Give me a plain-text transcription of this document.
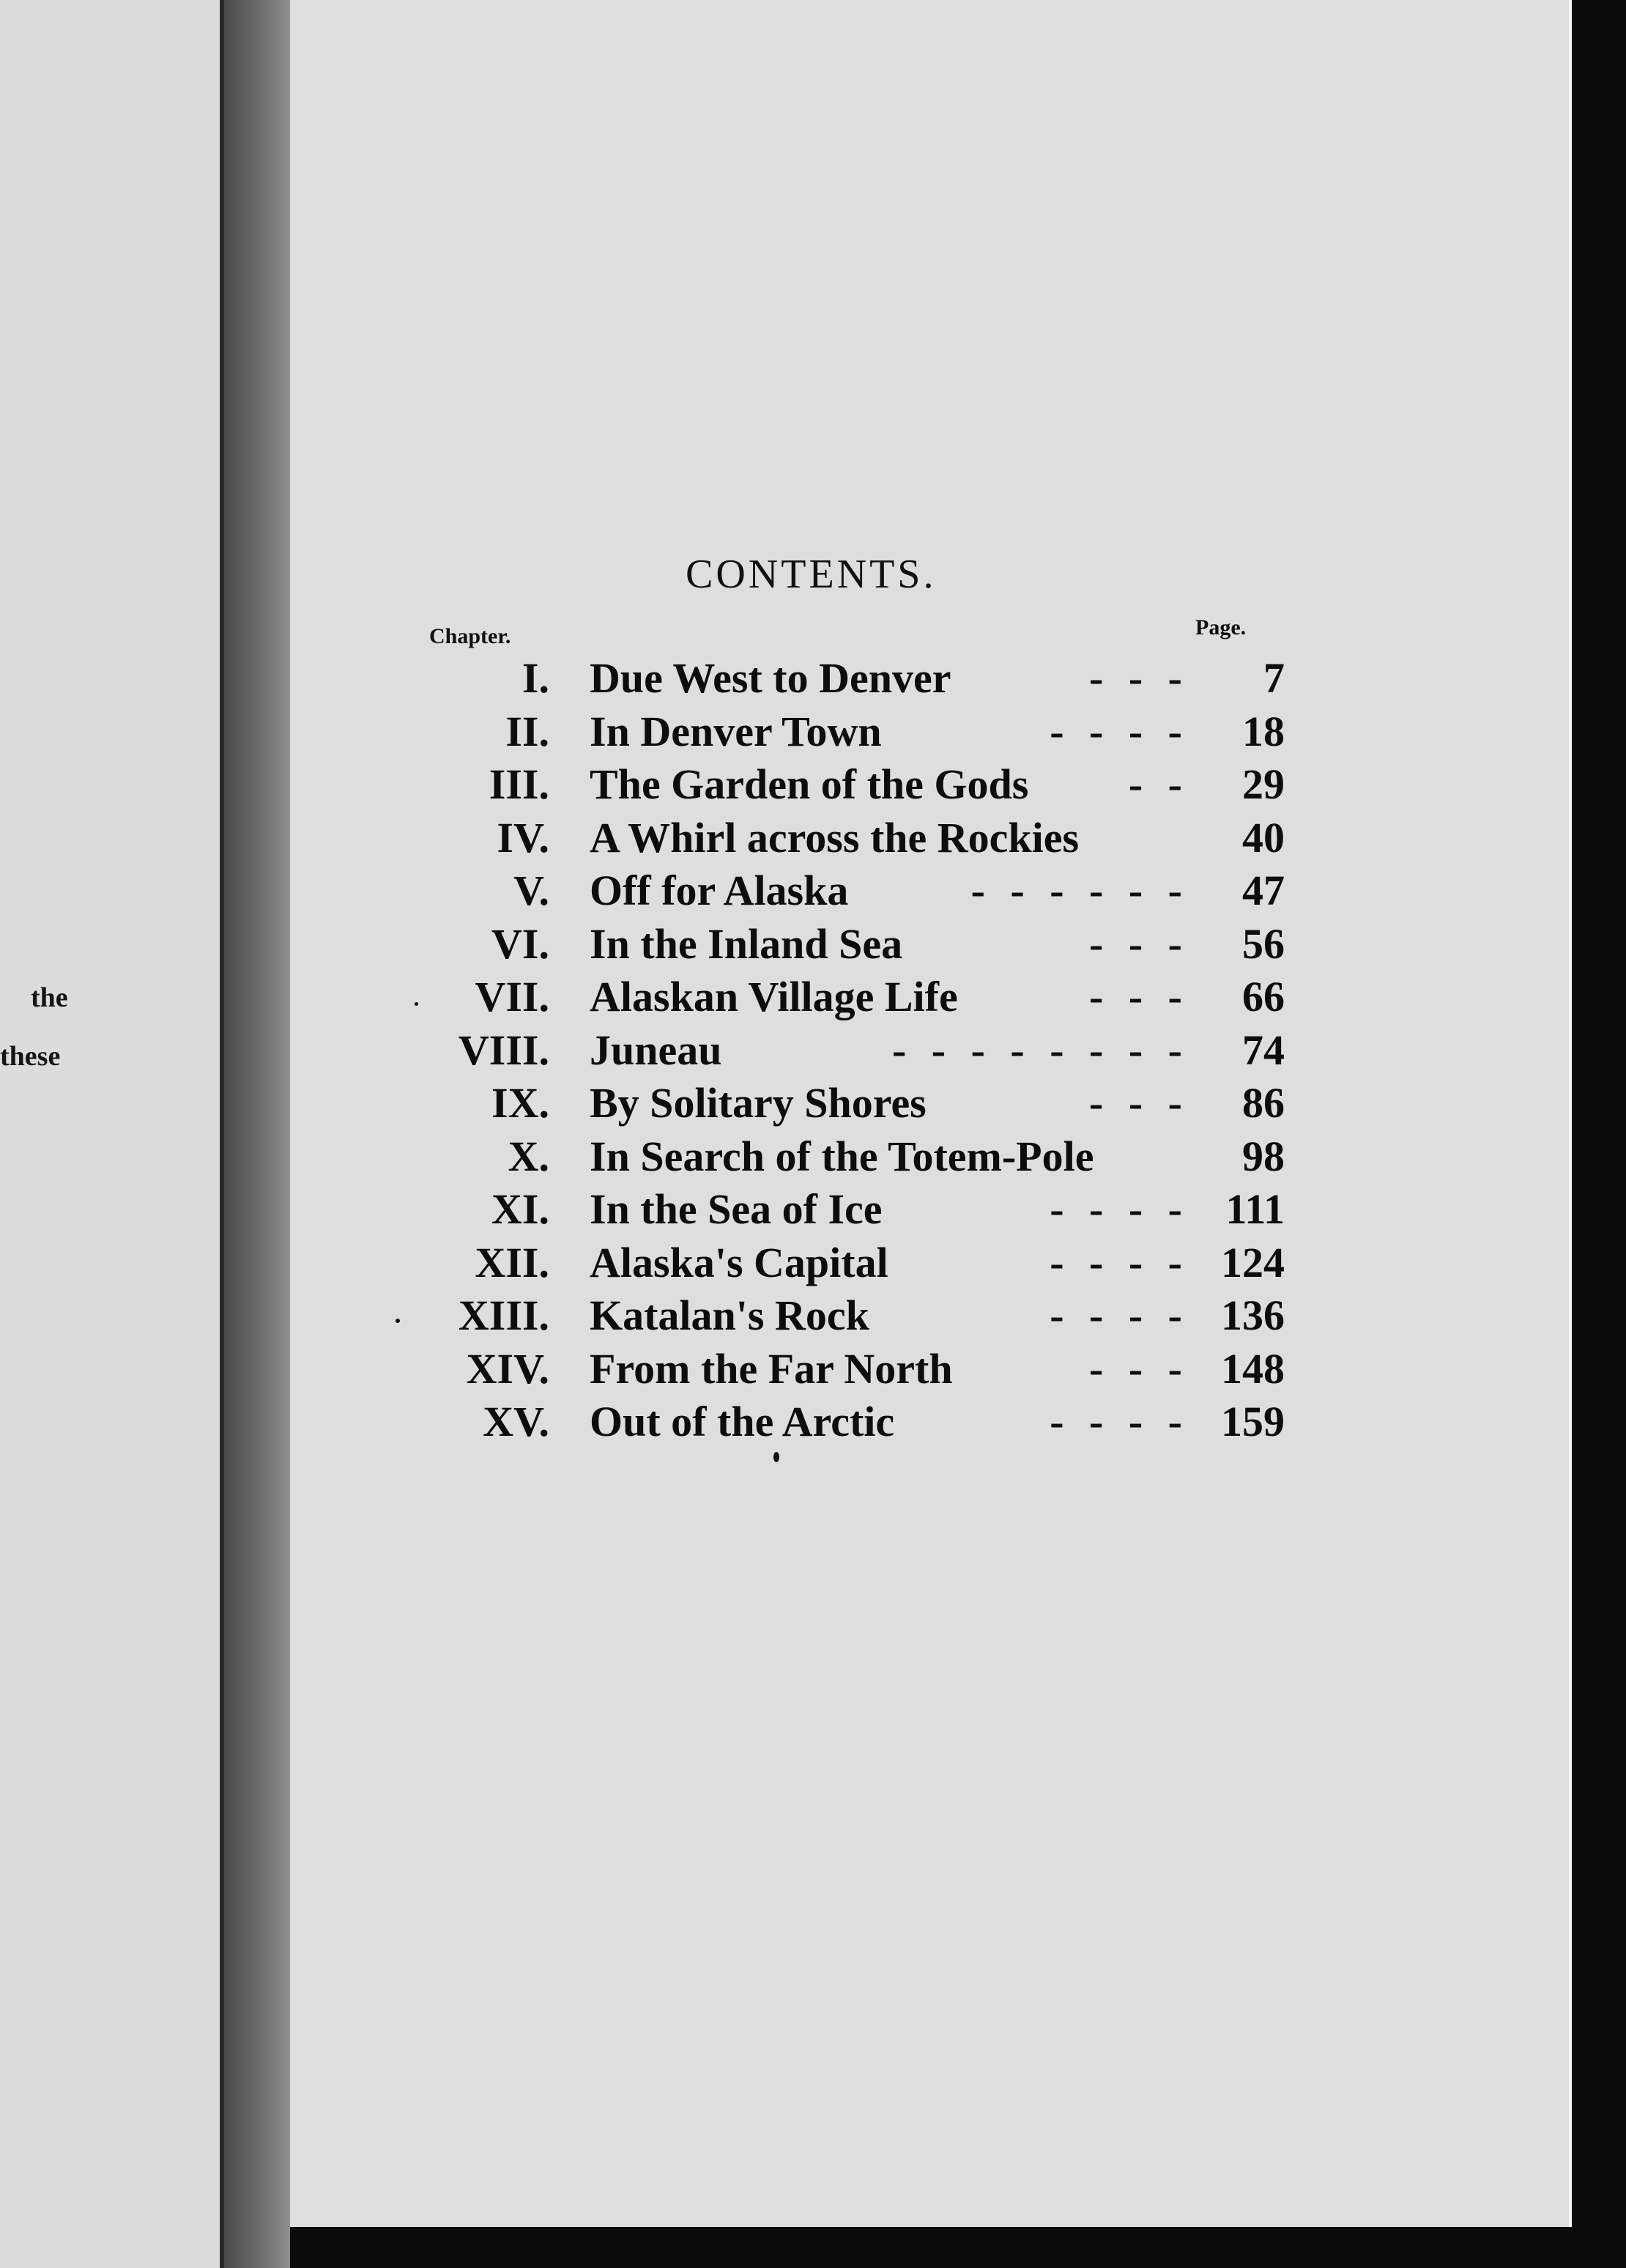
the
these
CONTENTS.
Chapter.	Page.
I. Due West to Denver	- - -	7
II. In Denver Town	- - - -	18
III. The Garden of the Gods - -	29
IV. A Whirl across the Rockies	40
V. Off for Alaska	- - - - - -	47
VI. In the Inland Sea	- - -	56
VII. Alaskan Village Life	- - -	66
VIII. Juneau	- - - - - - - -	74
IX. By Solitary Shores	- - -	86
X. In Search of the Totem-Pole	98
XI. In the Sea of Ice	- - - - 111
XII. Alaska's Capital	- - - - 124
XIII. Katalan's Rock	- - - - 136
XIV. From the Far North	- - - 148
XV. Out of the Arctic	- - - - 159
